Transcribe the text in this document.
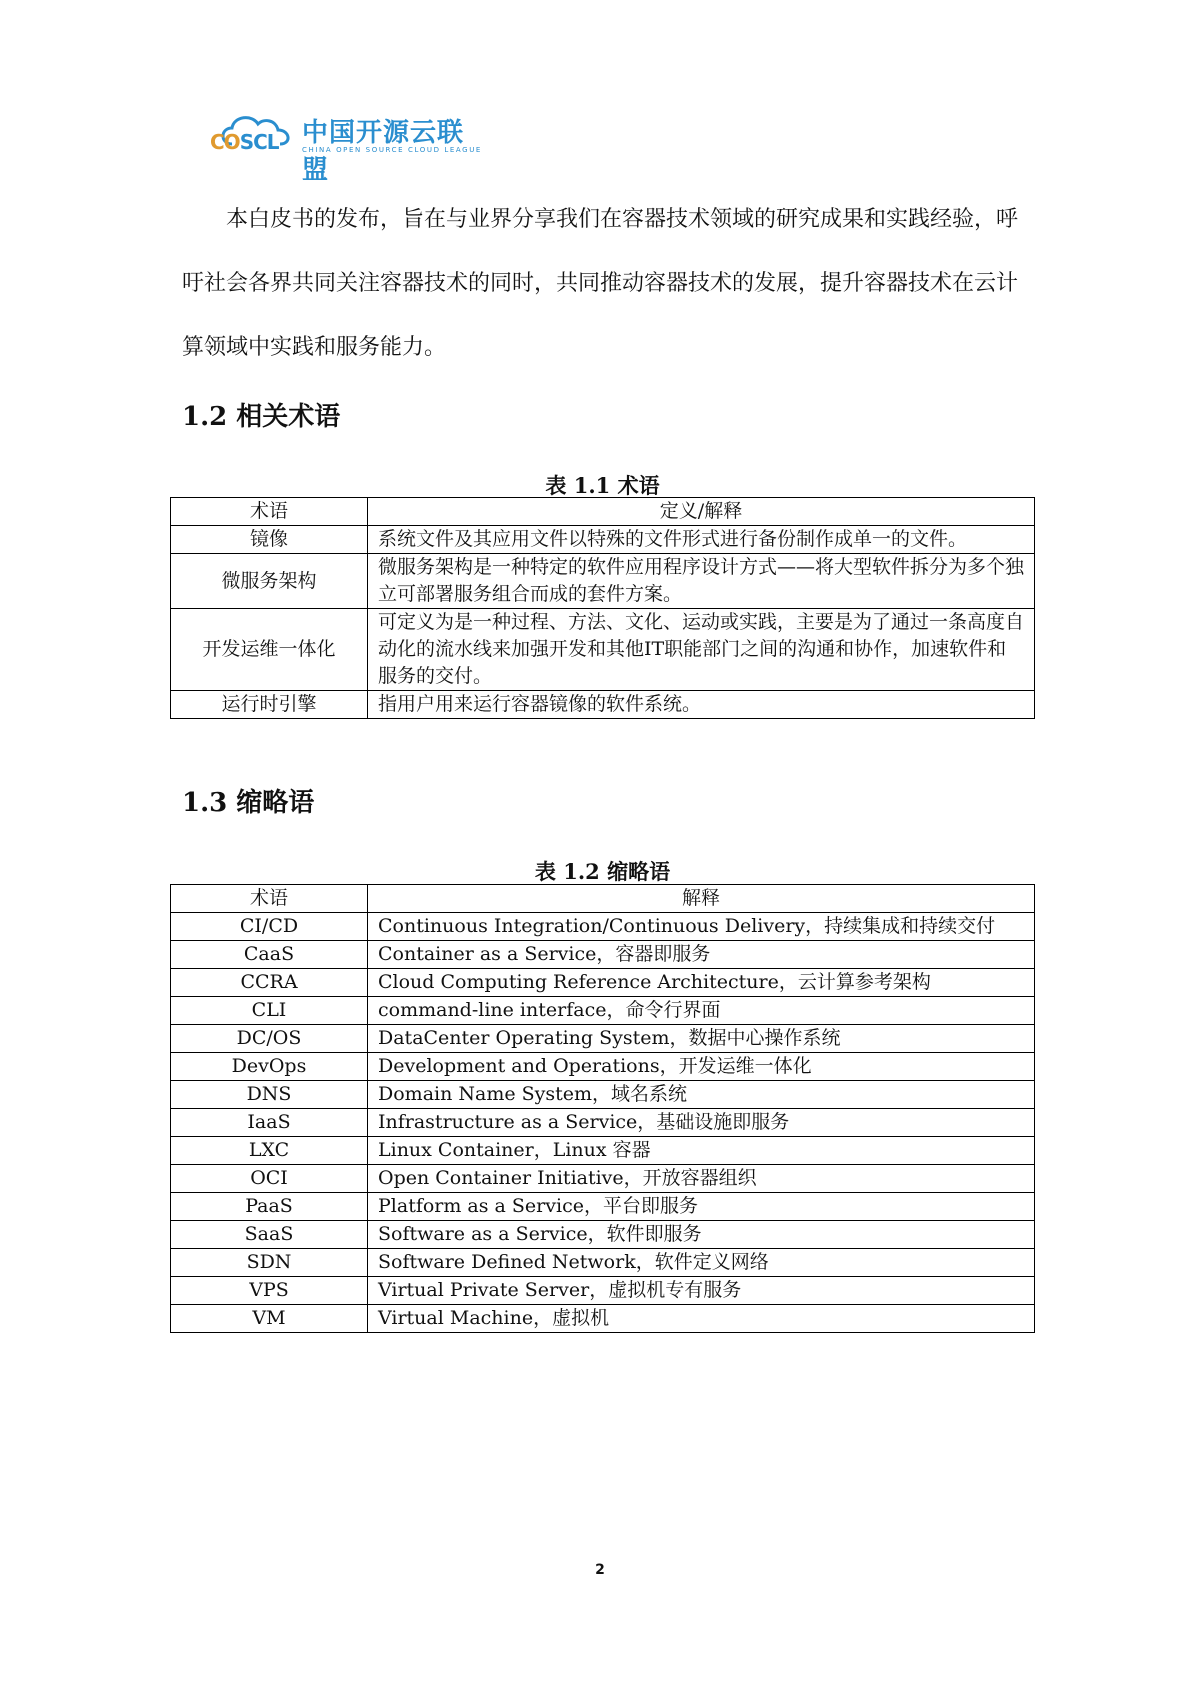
COSCL 中国开源云联盟
CHINA OPEN SOURCE CLOUD LEAGUE

本白皮书的发布，旨在与业界分享我们在容器技术领域的研究成果和实践经验，呼吁社会各界共同关注容器技术的同时，共同推动容器技术的发展，提升容器技术在云计算领域中实践和服务能力。

1.2 相关术语

表 1.1 术语

术语	定义/解释
镜像	系统文件及其应用文件以特殊的文件形式进行备份制作成单一的文件。
微服务架构	微服务架构是一种特定的软件应用程序设计方式——将大型软件拆分为多个独立可部署服务组合而成的套件方案。
开发运维一体化	可定义为是一种过程、方法、文化、运动或实践，主要是为了通过一条高度自动化的流水线来加强开发和其他IT职能部门之间的沟通和协作，加速软件和服务的交付。
运行时引擎	指用户用来运行容器镜像的软件系统。
1.3 缩略语

表 1.2 缩略语

术语	解释
CI/CD	Continuous Integration/Continuous Delivery，持续集成和持续交付
CaaS	Container as a Service，容器即服务
CCRA	Cloud Computing Reference Architecture，云计算参考架构
CLI	command-line interface，命令行界面
DC/OS	DataCenter Operating System，数据中心操作系统
DevOps	Development and Operations，开发运维一体化
DNS	Domain Name System，域名系统
IaaS	Infrastructure as a Service，基础设施即服务
LXC	Linux Container，Linux 容器
OCI	Open Container Initiative，开放容器组织
PaaS	Platform as a Service，平台即服务
SaaS	Software as a Service，软件即服务
SDN	Software Defined Network，软件定义网络
VPS	Virtual Private Server，虚拟机专有服务
VM	Virtual Machine，虚拟机
2
